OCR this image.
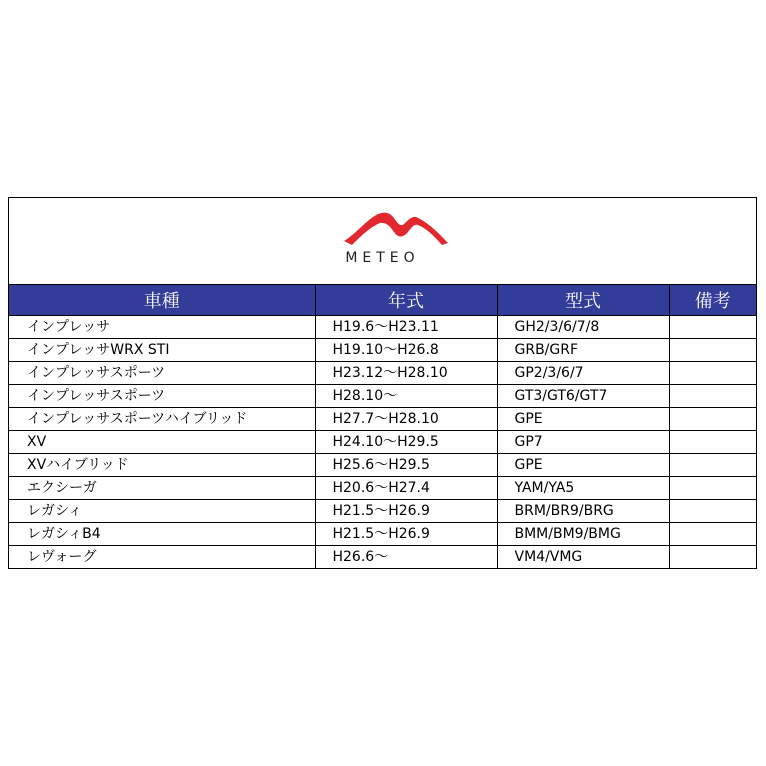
METEO
車種	年式	型式	備考
インプレッサ	H19.6～H23.11	GH2/3/6/7/8	
インプレッサWRX STI	H19.10～H26.8	GRB/GRF	
インプレッサスポーツ	H23.12～H28.10	GP2/3/6/7	
インプレッサスポーツ	H28.10～	GT3/GT6/GT7	
インプレッサスポーツハイブリッド	H27.7～H28.10	GPE	
XV	H24.10～H29.5	GP7	
XVハイブリッド	H25.6～H29.5	GPE	
エクシーガ	H20.6～H27.4	YAM/YA5	
レガシィ	H21.5～H26.9	BRM/BR9/BRG	
レガシィB4	H21.5～H26.9	BMM/BM9/BMG	
レヴォーグ	H26.6～	VM4/VMG	
